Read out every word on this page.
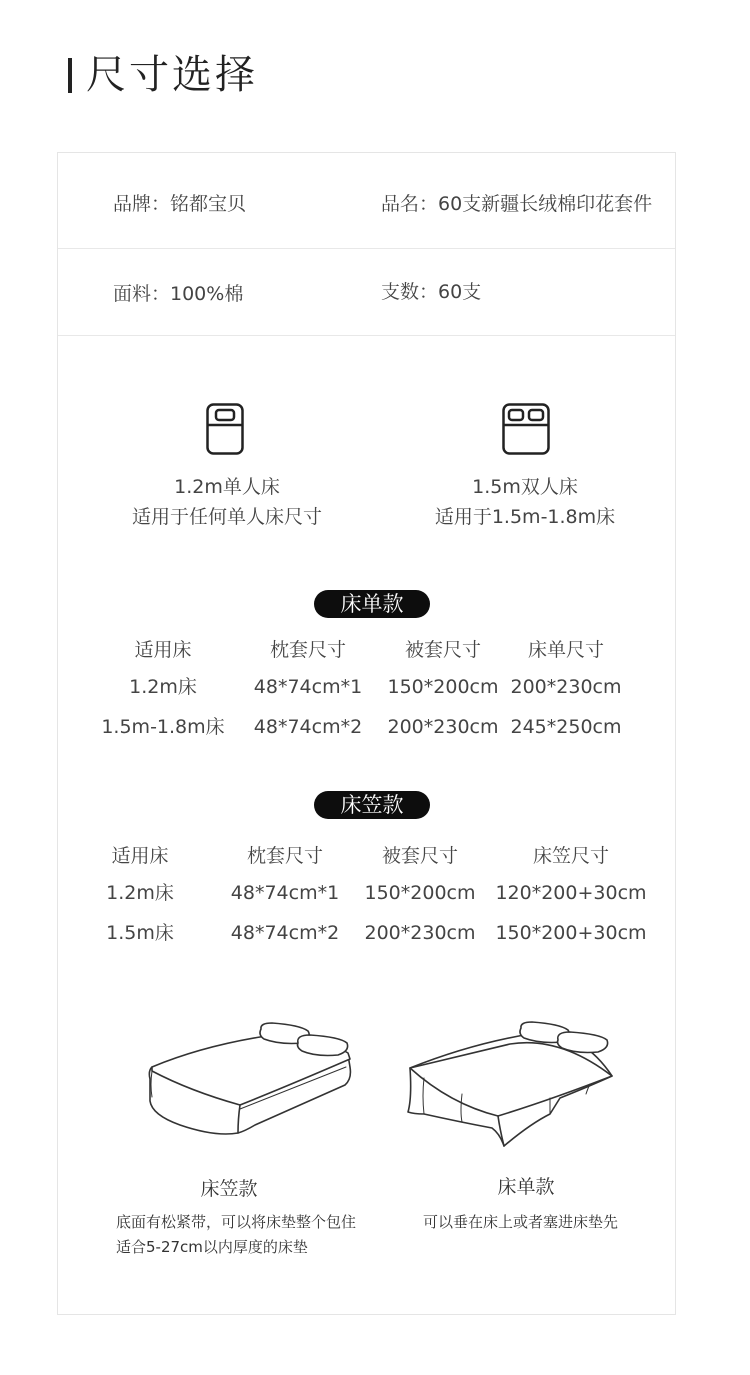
尺寸选择
品牌：铭都宝贝	品名：60支新疆长绒棉印花套件
面料：100%棉	支数：60支
1.2m单人床
适用于任何单人床尺寸
1.5m双人床
适用于1.5m-1.8m床
床单款
适用床	枕套尺寸	被套尺寸 床单尺寸
1.2m床	48*74cm*1 150*200cm 200*230cm
1.5m-1.8m床 48*74cm*2 200*230cm 245*250cm
床笠款
适用床	枕套尺寸	被套尺寸	床笠尺寸
1.2m床	48*74cm*1 150*200cm 120*200+30cm
1.5m床	48*74cm*2 200*230cm 150*200+30cm
床笠款	床单款
底面有松紧带，可以将床垫整个包住
适合5-27cm以内厚度的床垫
可以垂在床上或者塞进床垫先
